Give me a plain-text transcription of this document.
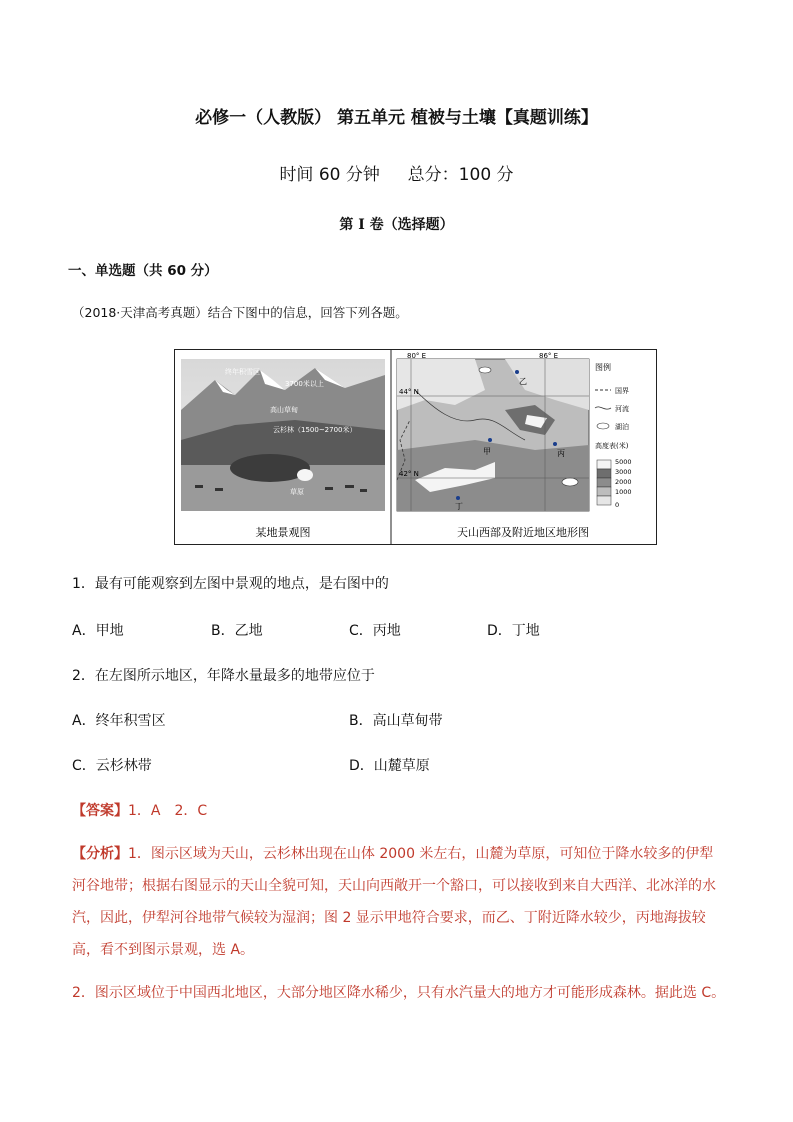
必修一（人教版） 第五单元 植被与土壤【真题训练】
时间 60 分钟 　 总分：100 分
第 I 卷（选择题）
一、单选题（共 60 分）
（2018·天津高考真题）结合下图中的信息，回答下列各题。
终年积雪区
3700米以上
高山草甸
云杉林（1500~2700米）
草原
某地景观图
80° E	86° E
44° N
42° N
甲
乙
丙
丁
图例
国界
河流
湖泊
高度表(米)
5000
3000
2000
1000
0
天山西部及附近地区地形图
1．最有可能观察到左图中景观的地点，是右图中的
A．甲地	B．乙地	C．丙地	D．丁地
2．在左图所示地区，年降水量最多的地带应位于
A．终年积雪区	B．高山草甸带
C．云杉林带	D．山麓草原
【答案】1．A　2．C
【分析】1．图示区域为天山，云杉林出现在山体 2000 米左右，山麓为草原，可知位于降水较多的伊犁河谷地带；根据右图显示的天山全貌可知，天山向西敞开一个豁口，可以接收到来自大西洋、北冰洋的水汽，因此，伊犁河谷地带气候较为湿润；图 2 显示甲地符合要求，而乙、丁附近降水较少，丙地海拔较高，看不到图示景观，选 A。
2．图示区域位于中国西北地区，大部分地区降水稀少，只有水汽量大的地方才可能形成森林。据此选 C。
